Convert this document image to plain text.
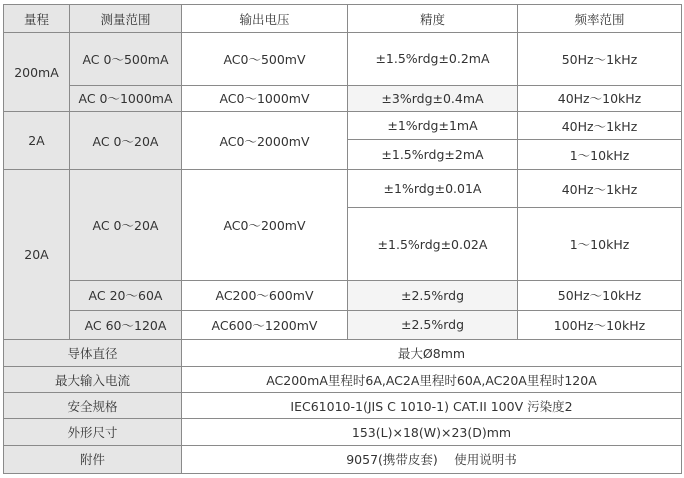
量程	测量范围	输出电压	精度	频率范围
200mA	AC 0～500mA	AC0～500mV	±1.5%rdg±0.2mA	50Hz～1kHz
	AC 0～1000mA	AC0～1000mV	±3%rdg±0.4mA	40Hz～10kHz
2A	AC 0～20A	AC0～2000mV	±1%rdg±1mA	40Hz～1kHz
			±1.5%rdg±2mA	1～10kHz
20A	AC 0～20A	AC0～200mV	±1%rdg±0.01A	40Hz～1kHz
			±1.5%rdg±0.02A	1～10kHz
	AC 20～60A	AC200～600mV	±2.5%rdg	50Hz～10kHz
	AC 60～120A	AC600～1200mV	±2.5%rdg	100Hz～10kHz
导体直径		最大Ø8mm		
最大输入电流		AC200mA里程时6A,AC2A里程时60A,AC20A里程时120A		
安全规格		IEC61010-1(JIS C 1010-1) CAT.II 100V 污染度2		
外形尺寸		153(L)×18(W)×23(D)mm		
附件		9057(携带皮套)　 使用说明书		
